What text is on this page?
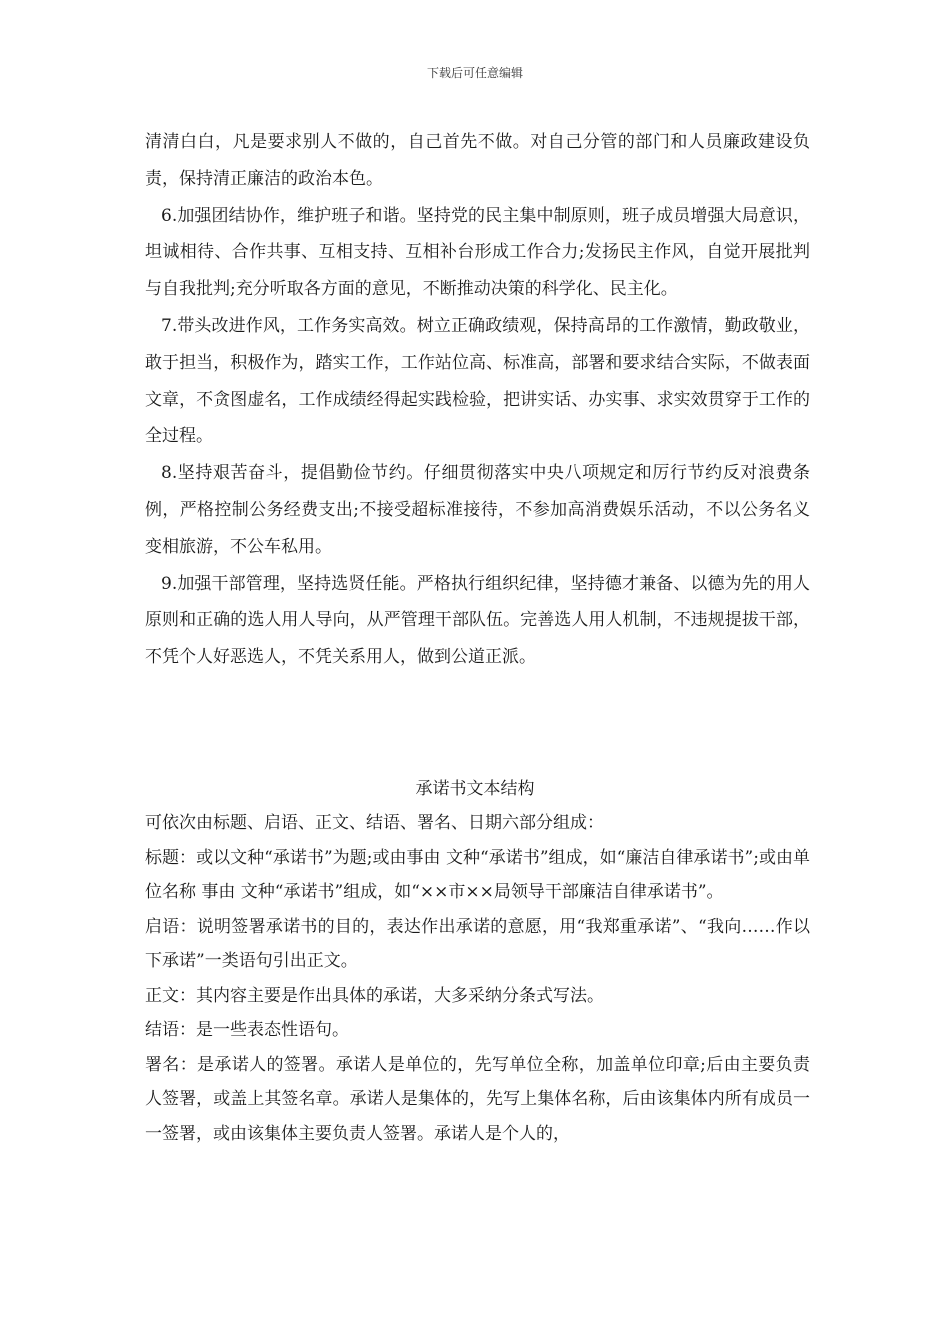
下载后可任意编辑

清清白白，凡是要求别人不做的，自己首先不做。对自己分管的部门和人员廉政建设负责，保持清正廉洁的政治本色。

6.加强团结协作，维护班子和谐。坚持党的民主集中制原则，班子成员增强大局意识，坦诚相待、合作共事、互相支持、互相补台形成工作合力;发扬民主作风，自觉开展批判与自我批判;充分听取各方面的意见，不断推动决策的科学化、民主化。

7.带头改进作风，工作务实高效。树立正确政绩观，保持高昂的工作激情，勤政敬业，敢于担当，积极作为，踏实工作，工作站位高、标准高，部署和要求结合实际，不做表面文章，不贪图虚名，工作成绩经得起实践检验，把讲实话、办实事、求实效贯穿于工作的全过程。

8.坚持艰苦奋斗，提倡勤俭节约。仔细贯彻落实中央八项规定和厉行节约反对浪费条例，严格控制公务经费支出;不接受超标准接待，不参加高消费娱乐活动，不以公务名义变相旅游，不公车私用。

9.加强干部管理，坚持选贤任能。严格执行组织纪律，坚持德才兼备、以德为先的用人原则和正确的选人用人导向，从严管理干部队伍。完善选人用人机制，不违规提拔干部，不凭个人好恶选人，不凭关系用人，做到公道正派。

承诺书文本结构

可依次由标题、启语、正文、结语、署名、日期六部分组成：

标题：或以文种“承诺书”为题;或由事由 文种“承诺书”组成，如“廉洁自律承诺书”;或由单位名称 事由 文种“承诺书”组成，如“××市××局领导干部廉洁自律承诺书”。

启语：说明签署承诺书的目的，表达作出承诺的意愿，用“我郑重承诺”、“我向……作以下承诺”一类语句引出正文。

正文：其内容主要是作出具体的承诺，大多采纳分条式写法。

结语：是一些表态性语句。

署名：是承诺人的签署。承诺人是单位的，先写单位全称，加盖单位印章;后由主要负责人签署，或盖上其签名章。承诺人是集体的，先写上集体名称，后由该集体内所有成员一一签署，或由该集体主要负责人签署。承诺人是个人的，
